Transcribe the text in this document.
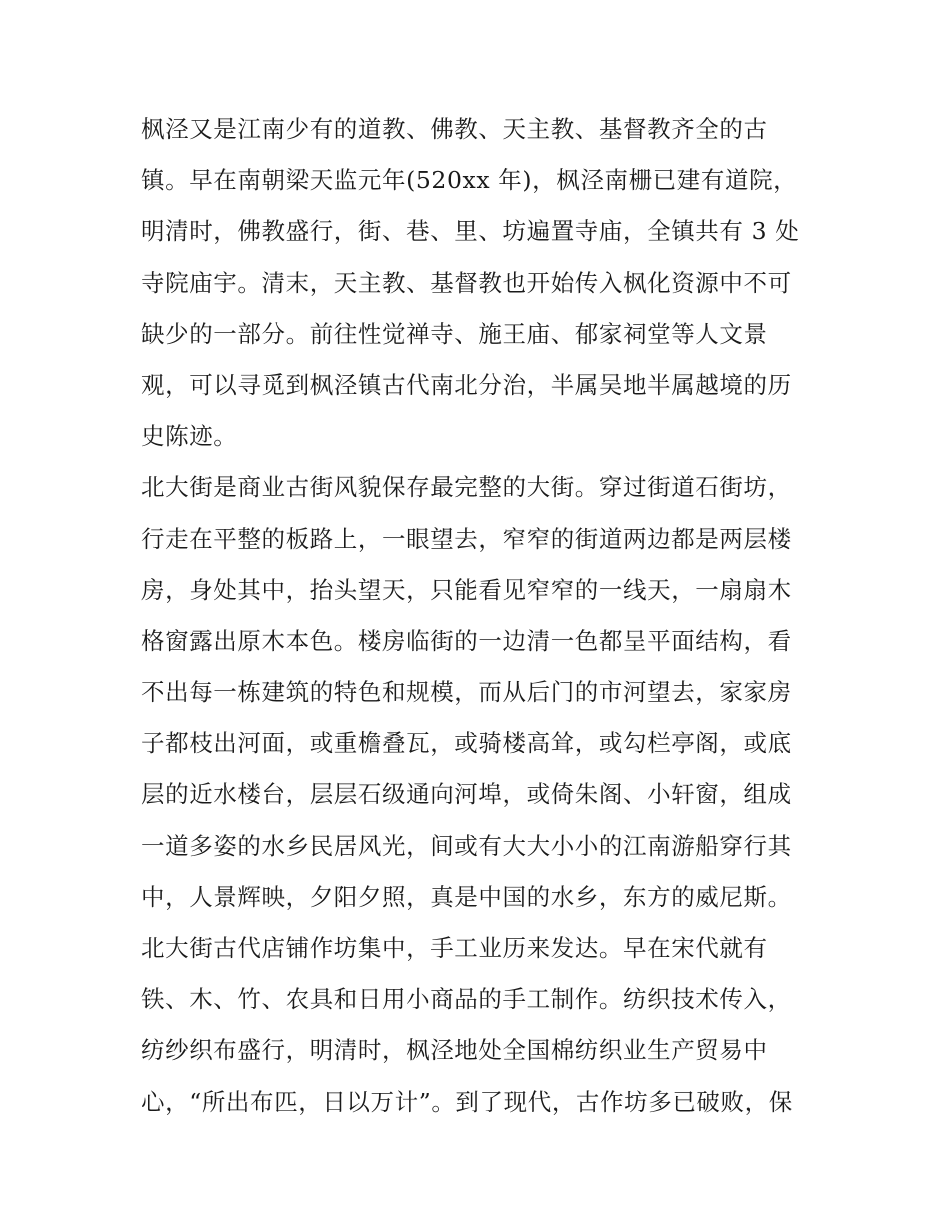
枫泾又是江南少有的道教、佛教、天主教、基督教齐全的古
镇。早在南朝梁天监元年(520xx 年)，枫泾南栅已建有道院，
明清时，佛教盛行，街、巷、里、坊遍置寺庙，全镇共有 3 处
寺院庙宇。清末，天主教、基督教也开始传入枫化资源中不可
缺少的一部分。前往性觉禅寺、施王庙、郁家祠堂等人文景
观，可以寻觅到枫泾镇古代南北分治，半属吴地半属越境的历
史陈迹。
北大街是商业古街风貌保存最完整的大街。穿过街道石街坊，
行走在平整的板路上，一眼望去，窄窄的街道两边都是两层楼
房，身处其中，抬头望天，只能看见窄窄的一线天，一扇扇木
格窗露出原木本色。楼房临街的一边清一色都呈平面结构，看
不出每一栋建筑的特色和规模，而从后门的市河望去，家家房
子都枝出河面，或重檐叠瓦，或骑楼高耸，或勾栏亭阁，或底
层的近水楼台，层层石级通向河埠，或倚朱阁、小轩窗，组成
一道多姿的水乡民居风光，间或有大大小小的江南游船穿行其
中，人景辉映，夕阳夕照，真是中国的水乡，东方的威尼斯。
北大街古代店铺作坊集中，手工业历来发达。早在宋代就有
铁、木、竹、农具和日用小商品的手工制作。纺织技术传入，
纺纱织布盛行，明清时，枫泾地处全国棉纺织业生产贸易中
心，“所出布匹，日以万计”。到了现代，古作坊多已破败，保
